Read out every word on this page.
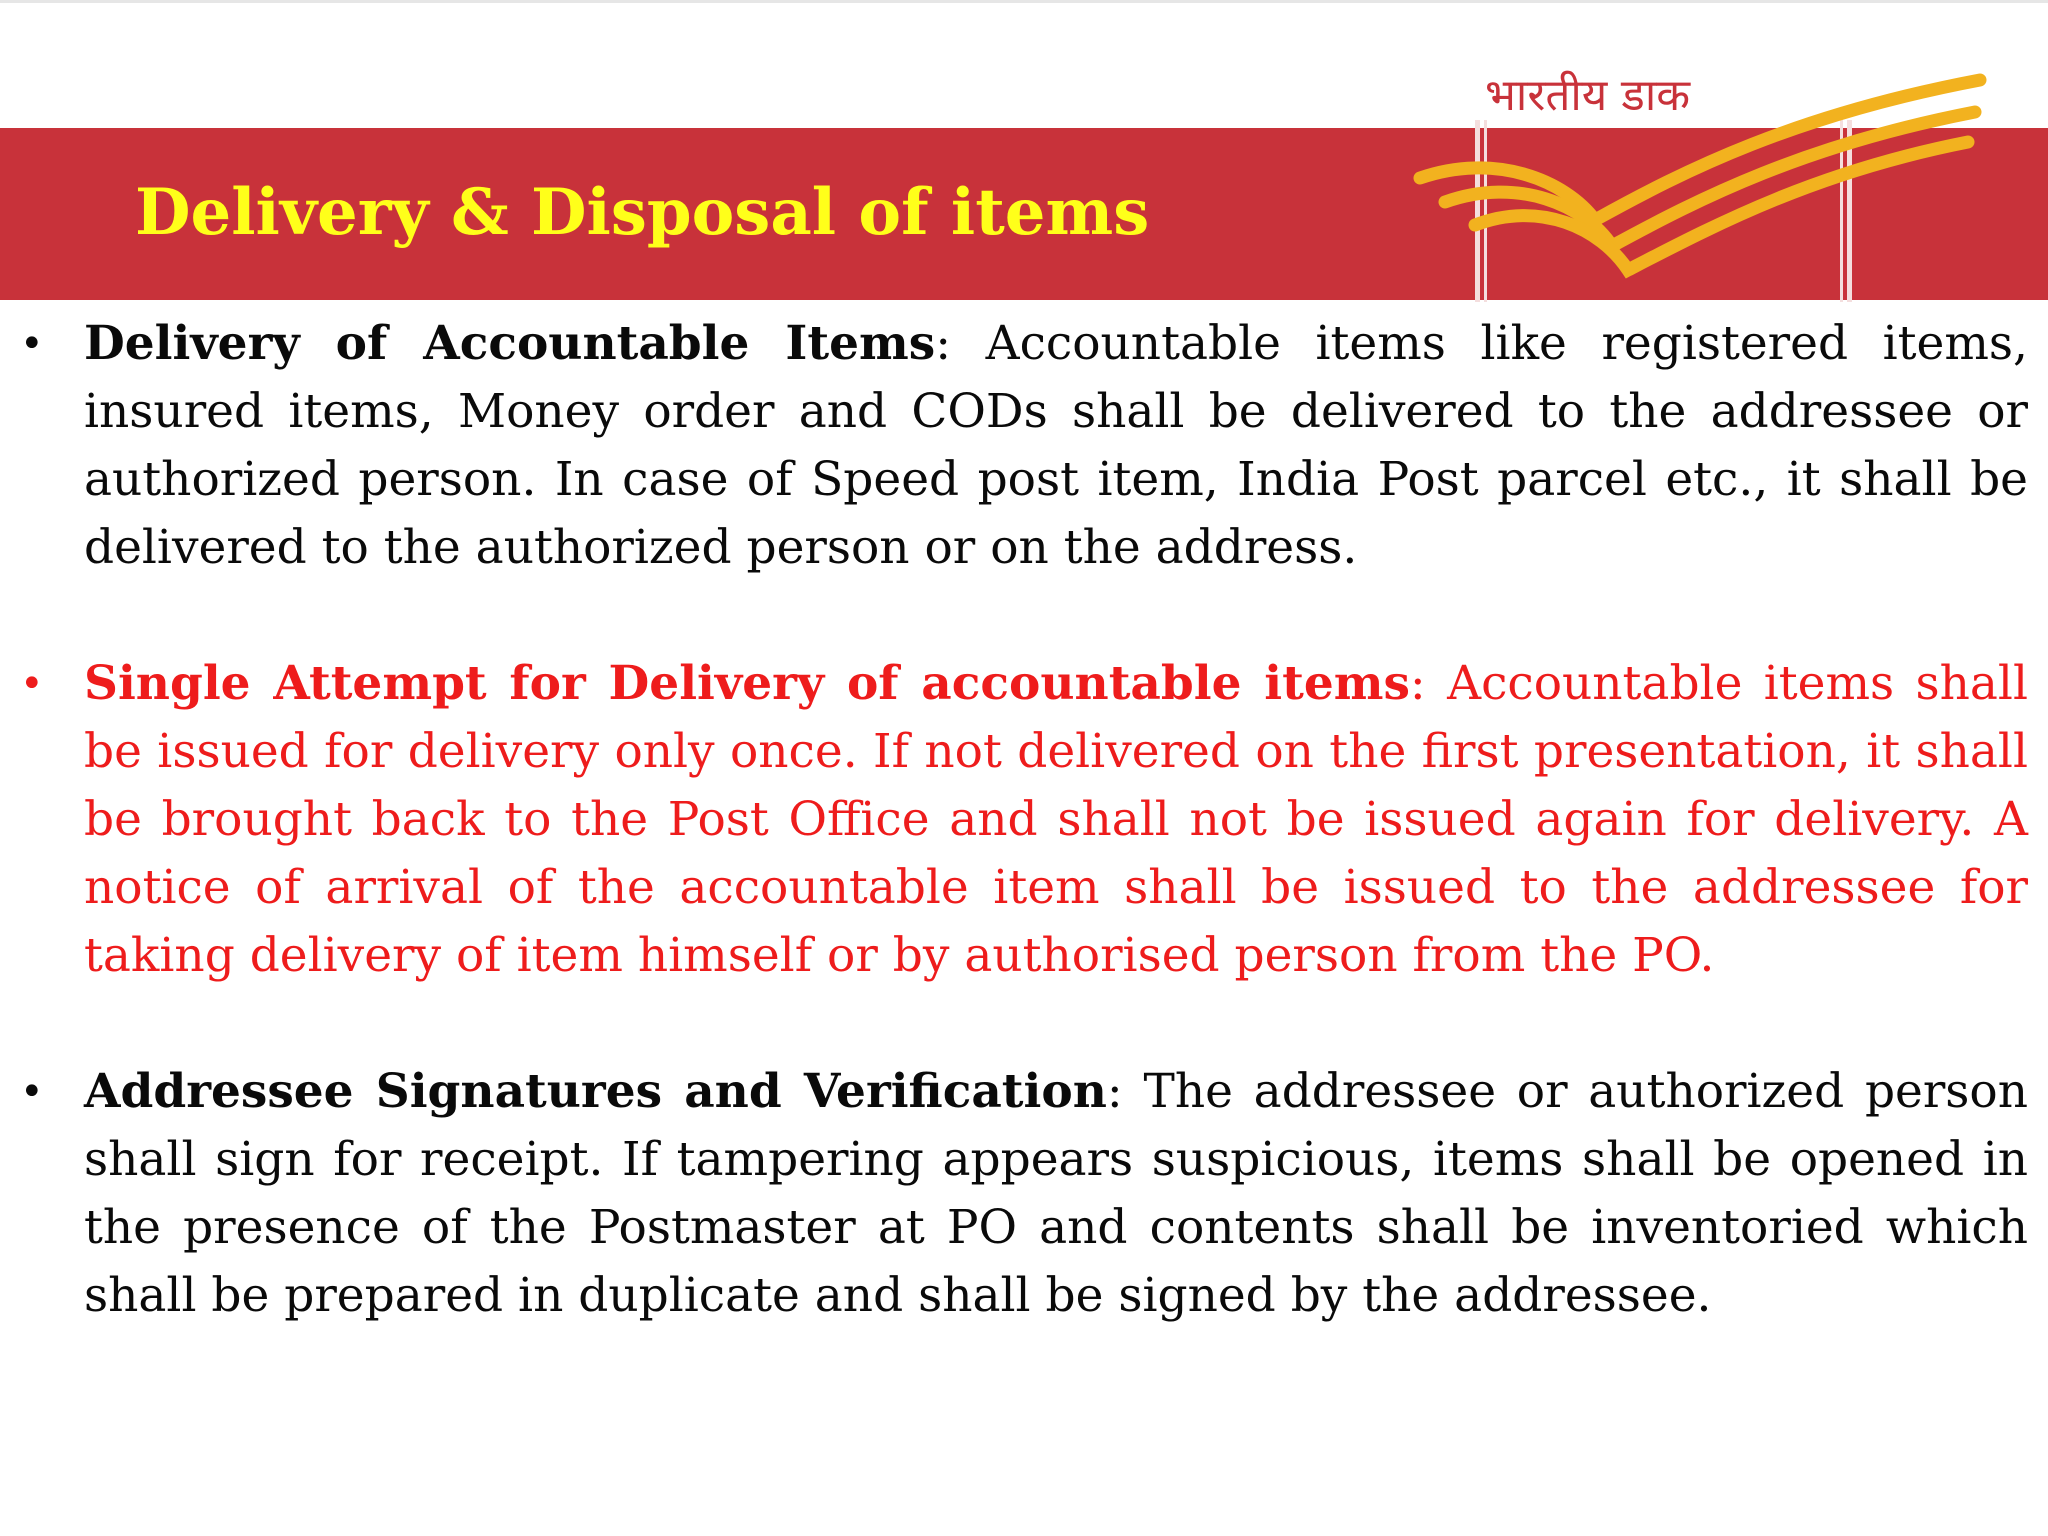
Delivery & Disposal of items
भारतीय डाक

• Delivery of Accountable Items: Accountable items like registered items, insured items, Money order and CODs shall be delivered to the addressee or authorized person. In case of Speed post item, India Post parcel etc., it shall be delivered to the authorized person or on the address.

• Single Attempt for Delivery of accountable items: Accountable items shall be issued for delivery only once. If not delivered on the first presentation, it shall be brought back to the Post Office and shall not be issued again for delivery. A notice of arrival of the accountable item shall be issued to the addressee for taking delivery of item himself or by authorised person from the PO.

• Addressee Signatures and Verification: The addressee or authorized person shall sign for receipt. If tampering appears suspicious, items shall be opened in the presence of the Postmaster at PO and contents shall be inventoried which shall be prepared in duplicate and shall be signed by the addressee.
